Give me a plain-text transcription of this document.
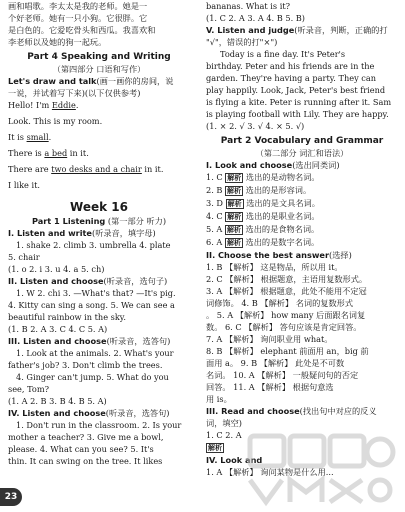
画和唱歌。李太太是我的老师。她是一
个好老师。她有一只小狗。它很胖。它
是白色的。它爱吃骨头和西瓜。我喜欢和
李老师以及她的狗一起玩。
Part 4 Speaking and Writing
（第四部分 口语和写作）
Let's draw and talk(画一画你的房间，说
一说，并试着写下来)(以下仅供参考)
Hello! I'm Eddie.
Look. This is my room.
It is small.
There is a bed in it.
There are two desks and a chair in it.
I like it.
Week 16
Part 1 Listening (第一部分 听力)
I. Listen and write(听录音，填字母)
1. shake 2. climb 3. umbrella 4. plate
5. chair
(1. o 2. i 3. u 4. a 5. ch)
II. Listen and choose(听录音，选句子)
1. W 2. chi 3. —What's that? —It's pig.
4. Kitty can sing a song. 5. We can see a
beautiful rainbow in the sky.
(1. B 2. A 3. C 4. C 5. A)
III. Listen and choose(听录音，选答句)
1. Look at the animals. 2. What's your
father's job? 3. Don't climb the trees.
4. Ginger can't jump. 5. What do you
see, Tom?
(1. A 2. B 3. B 4. B 5. A)
IV. Listen and choose(听录音，选答句)
1. Don't run in the classroom. 2. Is your
mother a teacher? 3. Give me a bowl,
please. 4. What can you see? 5. It's
thin. It can swing on the tree. It likes
bananas. What is it?
(1. C 2. A 3. A 4. B 5. B)
V. Listen and judge(听录音，判断，正确的打
"√"，错误的打"×")
Today is a fine day. It's Peter's
birthday. Peter and his friends are in the
garden. They're having a party. They can
play happily. Look, Jack, Peter's best friend
is flying a kite. Peter is running after it. Sam
is playing football with Lily. They are happy.
(1. × 2. √ 3. √ 4. × 5. √)
Part 2 Vocabulary and Grammar
（第二部分 词汇和语法）
I. Look and choose(选出同类词)
1. C 解析 选出的是动物名词。
2. B 解析 选出的是形容词。
3. D 解析 选出的是文具名词。
4. C 解析 选出的是职业名词。
5. A 解析 选出的是食物名词。
6. A 解析 选出的是数字名词。
II. Choose the best answer(选择)
1. B 【解析】 这是物品，所以用 it。
2. C 【解析】 根据题意，主语用复数形式。
3. A 【解析】 根据题意，此处不能用不定冠
词修饰。 4. B 【解析】 名词的复数形式
。 5. A 【解析】 how many 后面跟名词复
数。 6. C 【解析】 答句应该是肯定回答。
7. A 【解析】 询问职业用 what。
8. B 【解析】 elephant 前面用 an，big 前
面用 a。 9. B 【解析】 此处是不可数
名词。 10. A 【解析】 一般疑问句的否定
回答。 11. A 【解析】 根据句意选
用 is。
III. Read and choose(找出句中对应的反义
词，填空)
1. C 2. A
解析
IV. Look and
1. A 【解析】 询问某物是什么用...
23
